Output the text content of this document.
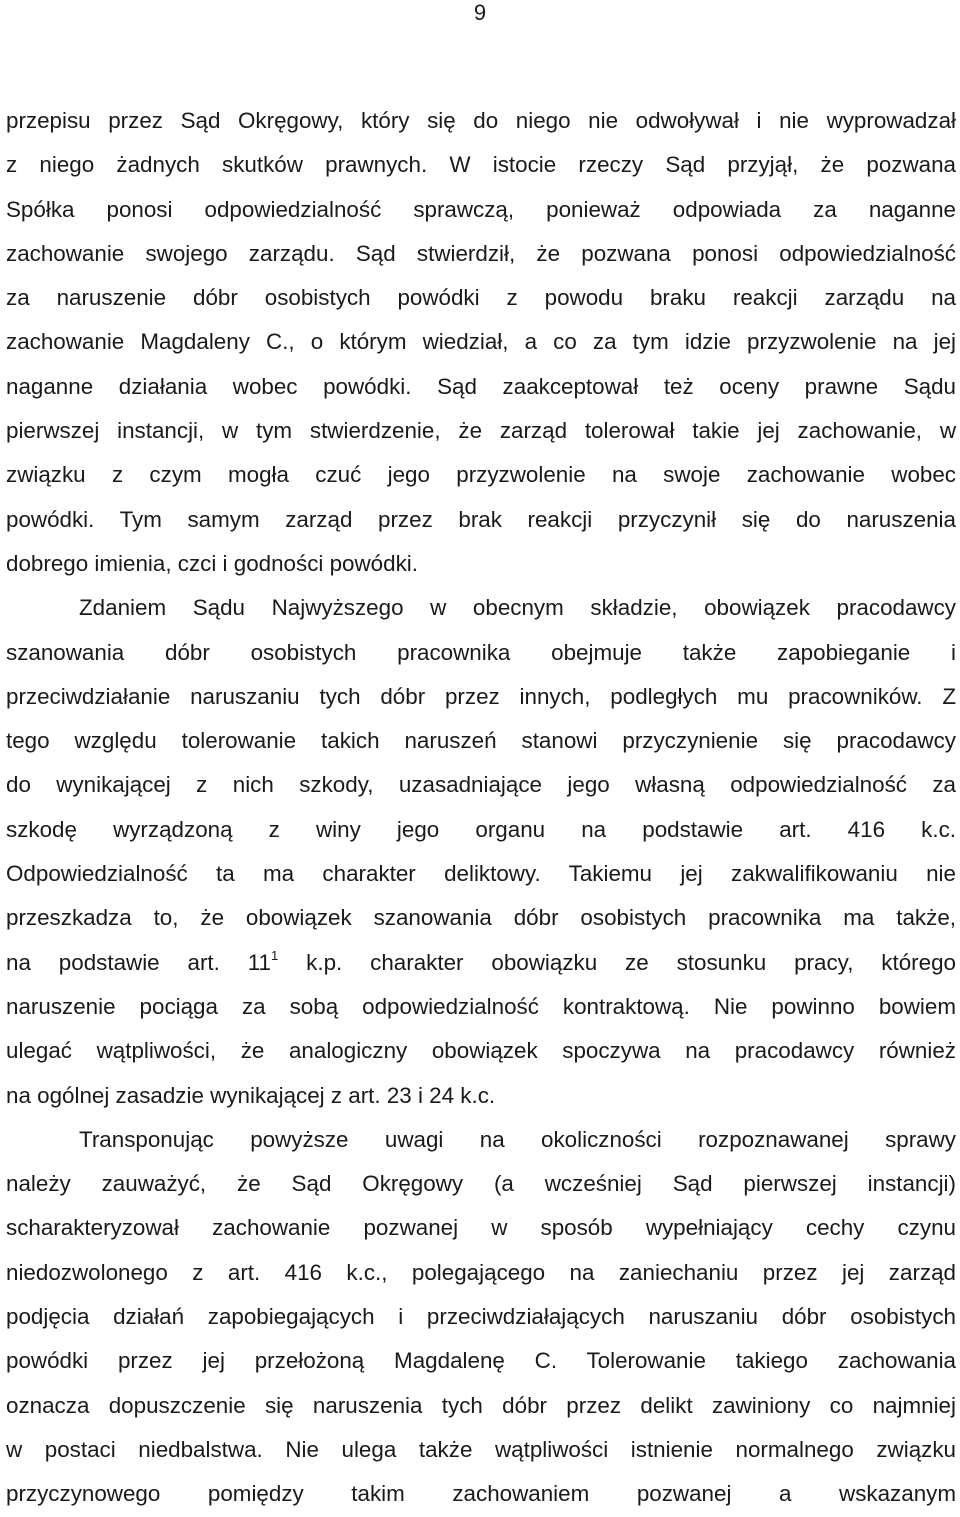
9
przepisu przez Sąd Okręgowy, który się do niego nie odwoływał i nie wyprowadzał
z niego żadnych skutków prawnych. W istocie rzeczy Sąd przyjął, że pozwana
Spółka ponosi odpowiedzialność sprawczą, ponieważ odpowiada za naganne
zachowanie swojego zarządu. Sąd stwierdził, że pozwana ponosi odpowiedzialność
za naruszenie dóbr osobistych powódki z powodu braku reakcji zarządu na
zachowanie Magdaleny C., o którym wiedział, a co za tym idzie przyzwolenie na jej
naganne działania wobec powódki. Sąd zaakceptował też oceny prawne Sądu
pierwszej instancji, w tym stwierdzenie, że zarząd tolerował takie jej zachowanie, w
związku z czym mogła czuć jego przyzwolenie na swoje zachowanie wobec
powódki. Tym samym zarząd przez brak reakcji przyczynił się do naruszenia
dobrego imienia, czci i godności powódki.
Zdaniem Sądu Najwyższego w obecnym składzie, obowiązek pracodawcy
szanowania dóbr osobistych pracownika obejmuje także zapobieganie i
przeciwdziałanie naruszaniu tych dóbr przez innych, podległych mu pracowników. Z
tego względu tolerowanie takich naruszeń stanowi przyczynienie się pracodawcy
do wynikającej z nich szkody, uzasadniające jego własną odpowiedzialność za
szkodę wyrządzoną z winy jego organu na podstawie art. 416 k.c.
Odpowiedzialność ta ma charakter deliktowy. Takiemu jej zakwalifikowaniu nie
przeszkadza to, że obowiązek szanowania dóbr osobistych pracownika ma także,
na podstawie art. $11^1$ k.p. charakter obowiązku ze stosunku pracy, którego
naruszenie pociąga za sobą odpowiedzialność kontraktową. Nie powinno bowiem
ulegać wątpliwości, że analogiczny obowiązek spoczywa na pracodawcy również
na ogólnej zasadzie wynikającej z art. 23 i 24 k.c.
Transponując powyższe uwagi na okoliczności rozpoznawanej sprawy
należy zauważyć, że Sąd Okręgowy (a wcześniej Sąd pierwszej instancji)
scharakteryzował zachowanie pozwanej w sposób wypełniający cechy czynu
niedozwolonego z art. 416 k.c., polegającego na zaniechaniu przez jej zarząd
podjęcia działań zapobiegających i przeciwdziałających naruszaniu dóbr osobistych
powódki przez jej przełożoną Magdalenę C. Tolerowanie takiego zachowania
oznacza dopuszczenie się naruszenia tych dóbr przez delikt zawiniony co najmniej
w postaci niedbalstwa. Nie ulega także wątpliwości istnienie normalnego związku
przyczynowego pomiędzy takim zachowaniem pozwanej a wskazanym
